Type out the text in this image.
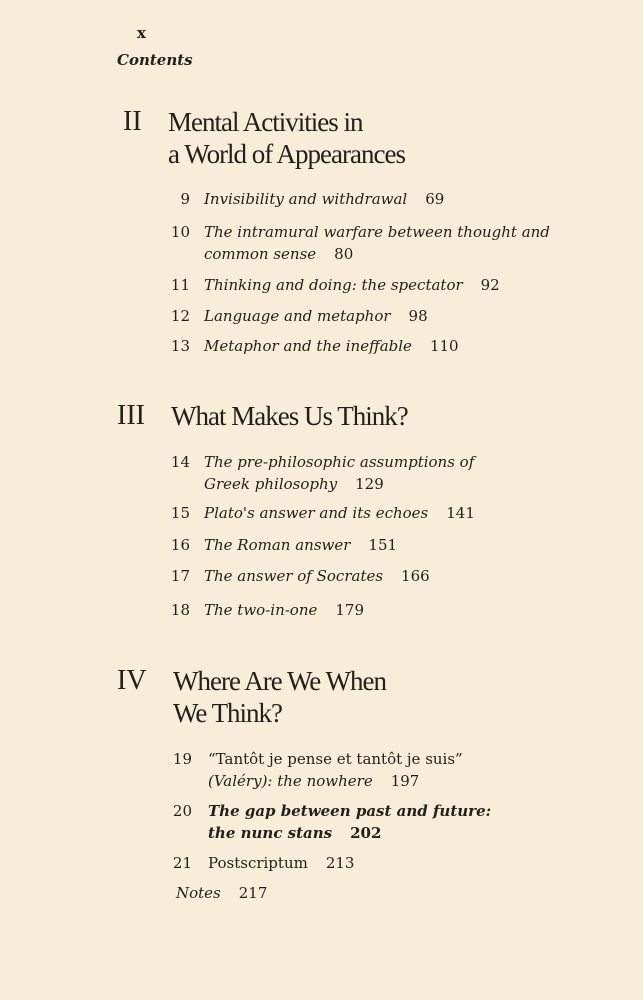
x
Contents
II Mental Activities in
a World of Appearances
9 Invisibility and withdrawal 69
10 The intramural warfare between thought and
common sense 80
11 Thinking and doing: the spectator 92
12 Language and metaphor 98
13 Metaphor and the ineffable 110
III What Makes Us Think?
14 The pre-philosophic assumptions of
Greek philosophy 129
15 Plato's answer and its echoes 141
16 The Roman answer 151
17 The answer of Socrates 166
18 The two-in-one 179
IV Where Are We When
We Think?
19 “Tantôt je pense et tantôt je suis”
(Valéry): the nowhere 197
20 The gap between past and future:
the nunc stans 202
21 Postscriptum 213
Notes 217
